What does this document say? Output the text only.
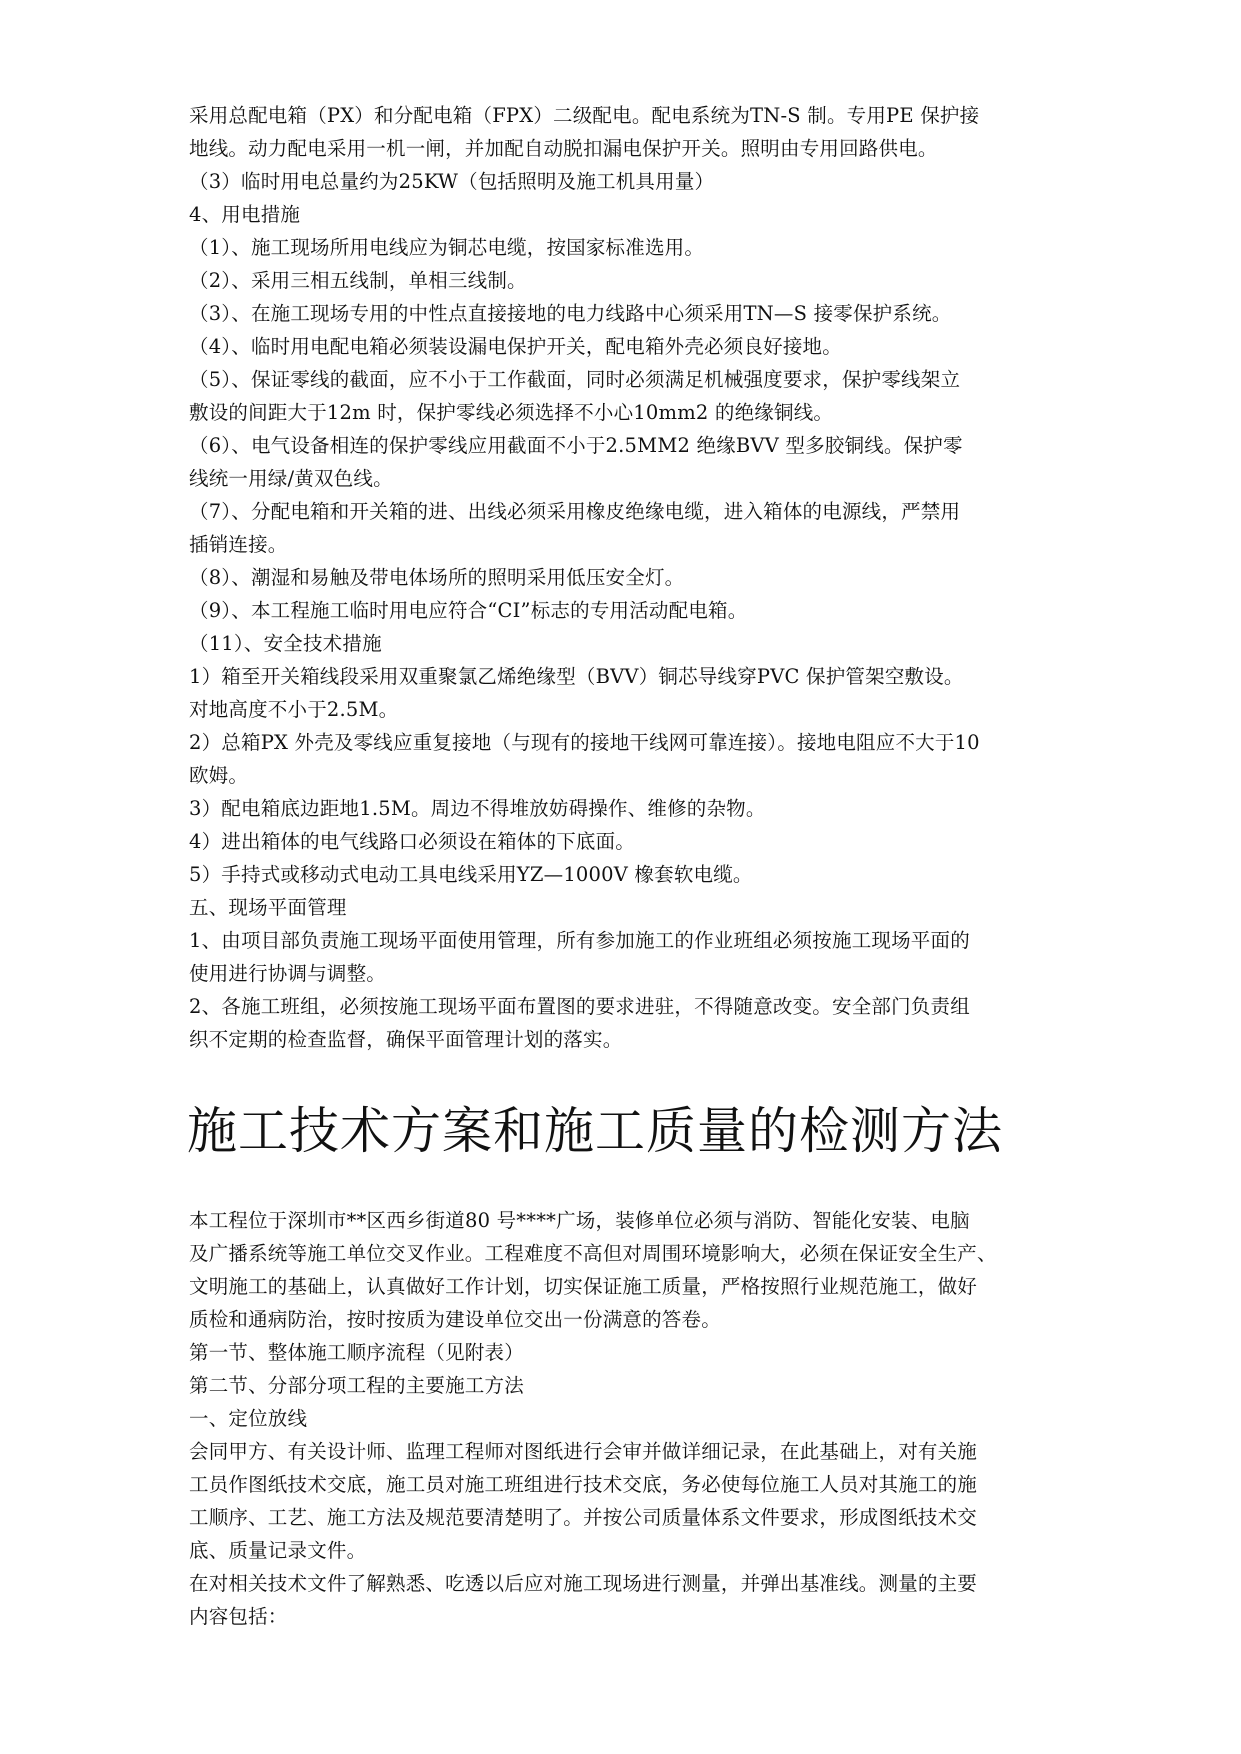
采用总配电箱（PX）和分配电箱（FPX）二级配电。配电系统为TN-S 制。专用PE 保护接
地线。动力配电采用一机一闸，并加配自动脱扣漏电保护开关。照明由专用回路供电。
（3）临时用电总量约为25KW（包括照明及施工机具用量）
4、用电措施
（1）、施工现场所用电线应为铜芯电缆，按国家标准选用。
（2）、采用三相五线制，单相三线制。
（3）、在施工现场专用的中性点直接接地的电力线路中心须采用TN—S 接零保护系统。
（4）、临时用电配电箱必须装设漏电保护开关，配电箱外壳必须良好接地。
（5）、保证零线的截面，应不小于工作截面，同时必须满足机械强度要求，保护零线架立
敷设的间距大于12m 时，保护零线必须选择不小心10mm2 的绝缘铜线。
（6）、电气设备相连的保护零线应用截面不小于2.5MM2 绝缘BVV 型多胶铜线。保护零
线统一用绿/黄双色线。
（7）、分配电箱和开关箱的进、出线必须采用橡皮绝缘电缆，进入箱体的电源线，严禁用
插销连接。
（8）、潮湿和易触及带电体场所的照明采用低压安全灯。
（9）、本工程施工临时用电应符合“CI”标志的专用活动配电箱。
（11）、安全技术措施
1）箱至开关箱线段采用双重聚氯乙烯绝缘型（BVV）铜芯导线穿PVC 保护管架空敷设。
对地高度不小于2.5M。
2）总箱PX 外壳及零线应重复接地（与现有的接地干线网可靠连接）。接地电阻应不大于10
欧姆。
3）配电箱底边距地1.5M。周边不得堆放妨碍操作、维修的杂物。
4）进出箱体的电气线路口必须设在箱体的下底面。
5）手持式或移动式电动工具电线采用YZ—1000V 橡套软电缆。
五、现场平面管理
1、由项目部负责施工现场平面使用管理，所有参加施工的作业班组必须按施工现场平面的
使用进行协调与调整。
2、各施工班组，必须按施工现场平面布置图的要求进驻，不得随意改变。安全部门负责组
织不定期的检查监督，确保平面管理计划的落实。
施工技术方案和施工质量的检测方法
本工程位于深圳市**区西乡街道80 号****广场，装修单位必须与消防、智能化安装、电脑
及广播系统等施工单位交叉作业。工程难度不高但对周围环境影响大，必须在保证安全生产、
文明施工的基础上，认真做好工作计划，切实保证施工质量，严格按照行业规范施工，做好
质检和通病防治，按时按质为建设单位交出一份满意的答卷。
第一节、整体施工顺序流程（见附表）
第二节、分部分项工程的主要施工方法
一、定位放线
会同甲方、有关设计师、监理工程师对图纸进行会审并做详细记录，在此基础上，对有关施
工员作图纸技术交底，施工员对施工班组进行技术交底，务必使每位施工人员对其施工的施
工顺序、工艺、施工方法及规范要清楚明了。并按公司质量体系文件要求，形成图纸技术交
底、质量记录文件。
在对相关技术文件了解熟悉、吃透以后应对施工现场进行测量，并弹出基准线。测量的主要
内容包括：
